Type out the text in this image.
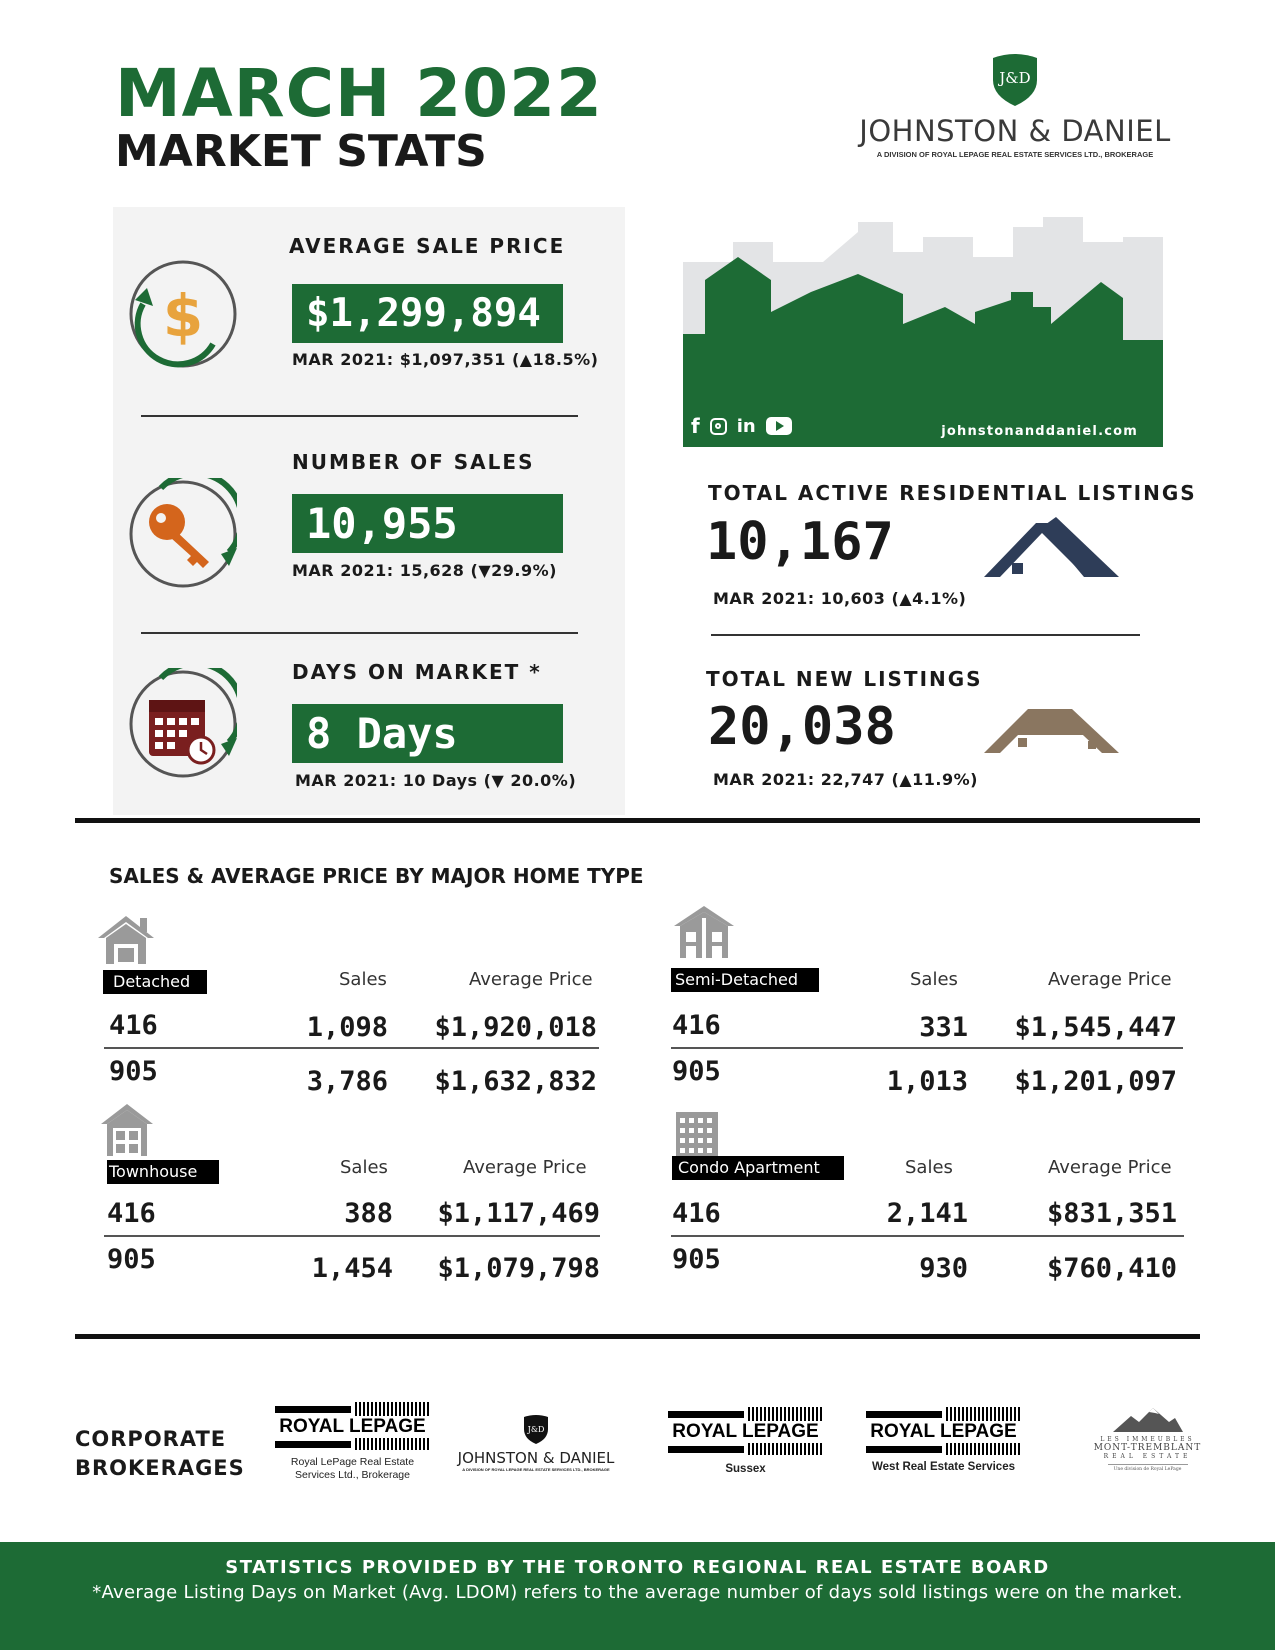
MARCH 2022
MARKET STATS
J&D
JOHNSTON & DANIEL
A DIVISION OF ROYAL LEPAGE REAL ESTATE SERVICES LTD., BROKERAGE
$
AVERAGE SALE PRICE
$1,299,894
MAR 2021: $1,097,351 (▲18.5%)
NUMBER OF SALES
10,955
MAR 2021: 15,628 (▼29.9%)
DAYS ON MARKET *
8 Days
MAR 2021: 10 Days (▼ 20.0%)
f in	johnstonanddaniel.com
TOTAL ACTIVE RESIDENTIAL LISTINGS
10,167
MAR 2021: 10,603 (▲4.1%)
TOTAL NEW LISTINGS
20,038
MAR 2021: 22,747 (▲11.9%)
SALES & AVERAGE PRICE BY MAJOR HOME TYPE
Detached	Sales	Average Price
416	1,098	$1,920,018
905	3,786	$1,632,832
Semi-Detached	Sales	Average Price
416	331	$1,545,447
905	1,013	$1,201,097
Townhouse	Sales	Average Price
416	388	$1,117,469
905	1,454	$1,079,798
Condo Apartment	Sales	Average Price
416	2,141	$831,351
905	930	$760,410
CORPORATE
BROKERAGES
ROYAL LEPAGE
Royal LePage Real Estate
Services Ltd., Brokerage
J&D
JOHNSTON & DANIEL
A DIVISION OF ROYAL LEPAGE REAL ESTATE SERVICES LTD., BROKERAGE
ROYAL LEPAGE
Sussex
ROYAL LEPAGE
West Real Estate Services
LES IMMEUBLES
MONT-TREMBLANT
REAL ESTATE
Une division de Royal LePage
STATISTICS PROVIDED BY THE TORONTO REGIONAL REAL ESTATE BOARD
*Average Listing Days on Market (Avg. LDOM) refers to the average number of days sold listings were on the market.
